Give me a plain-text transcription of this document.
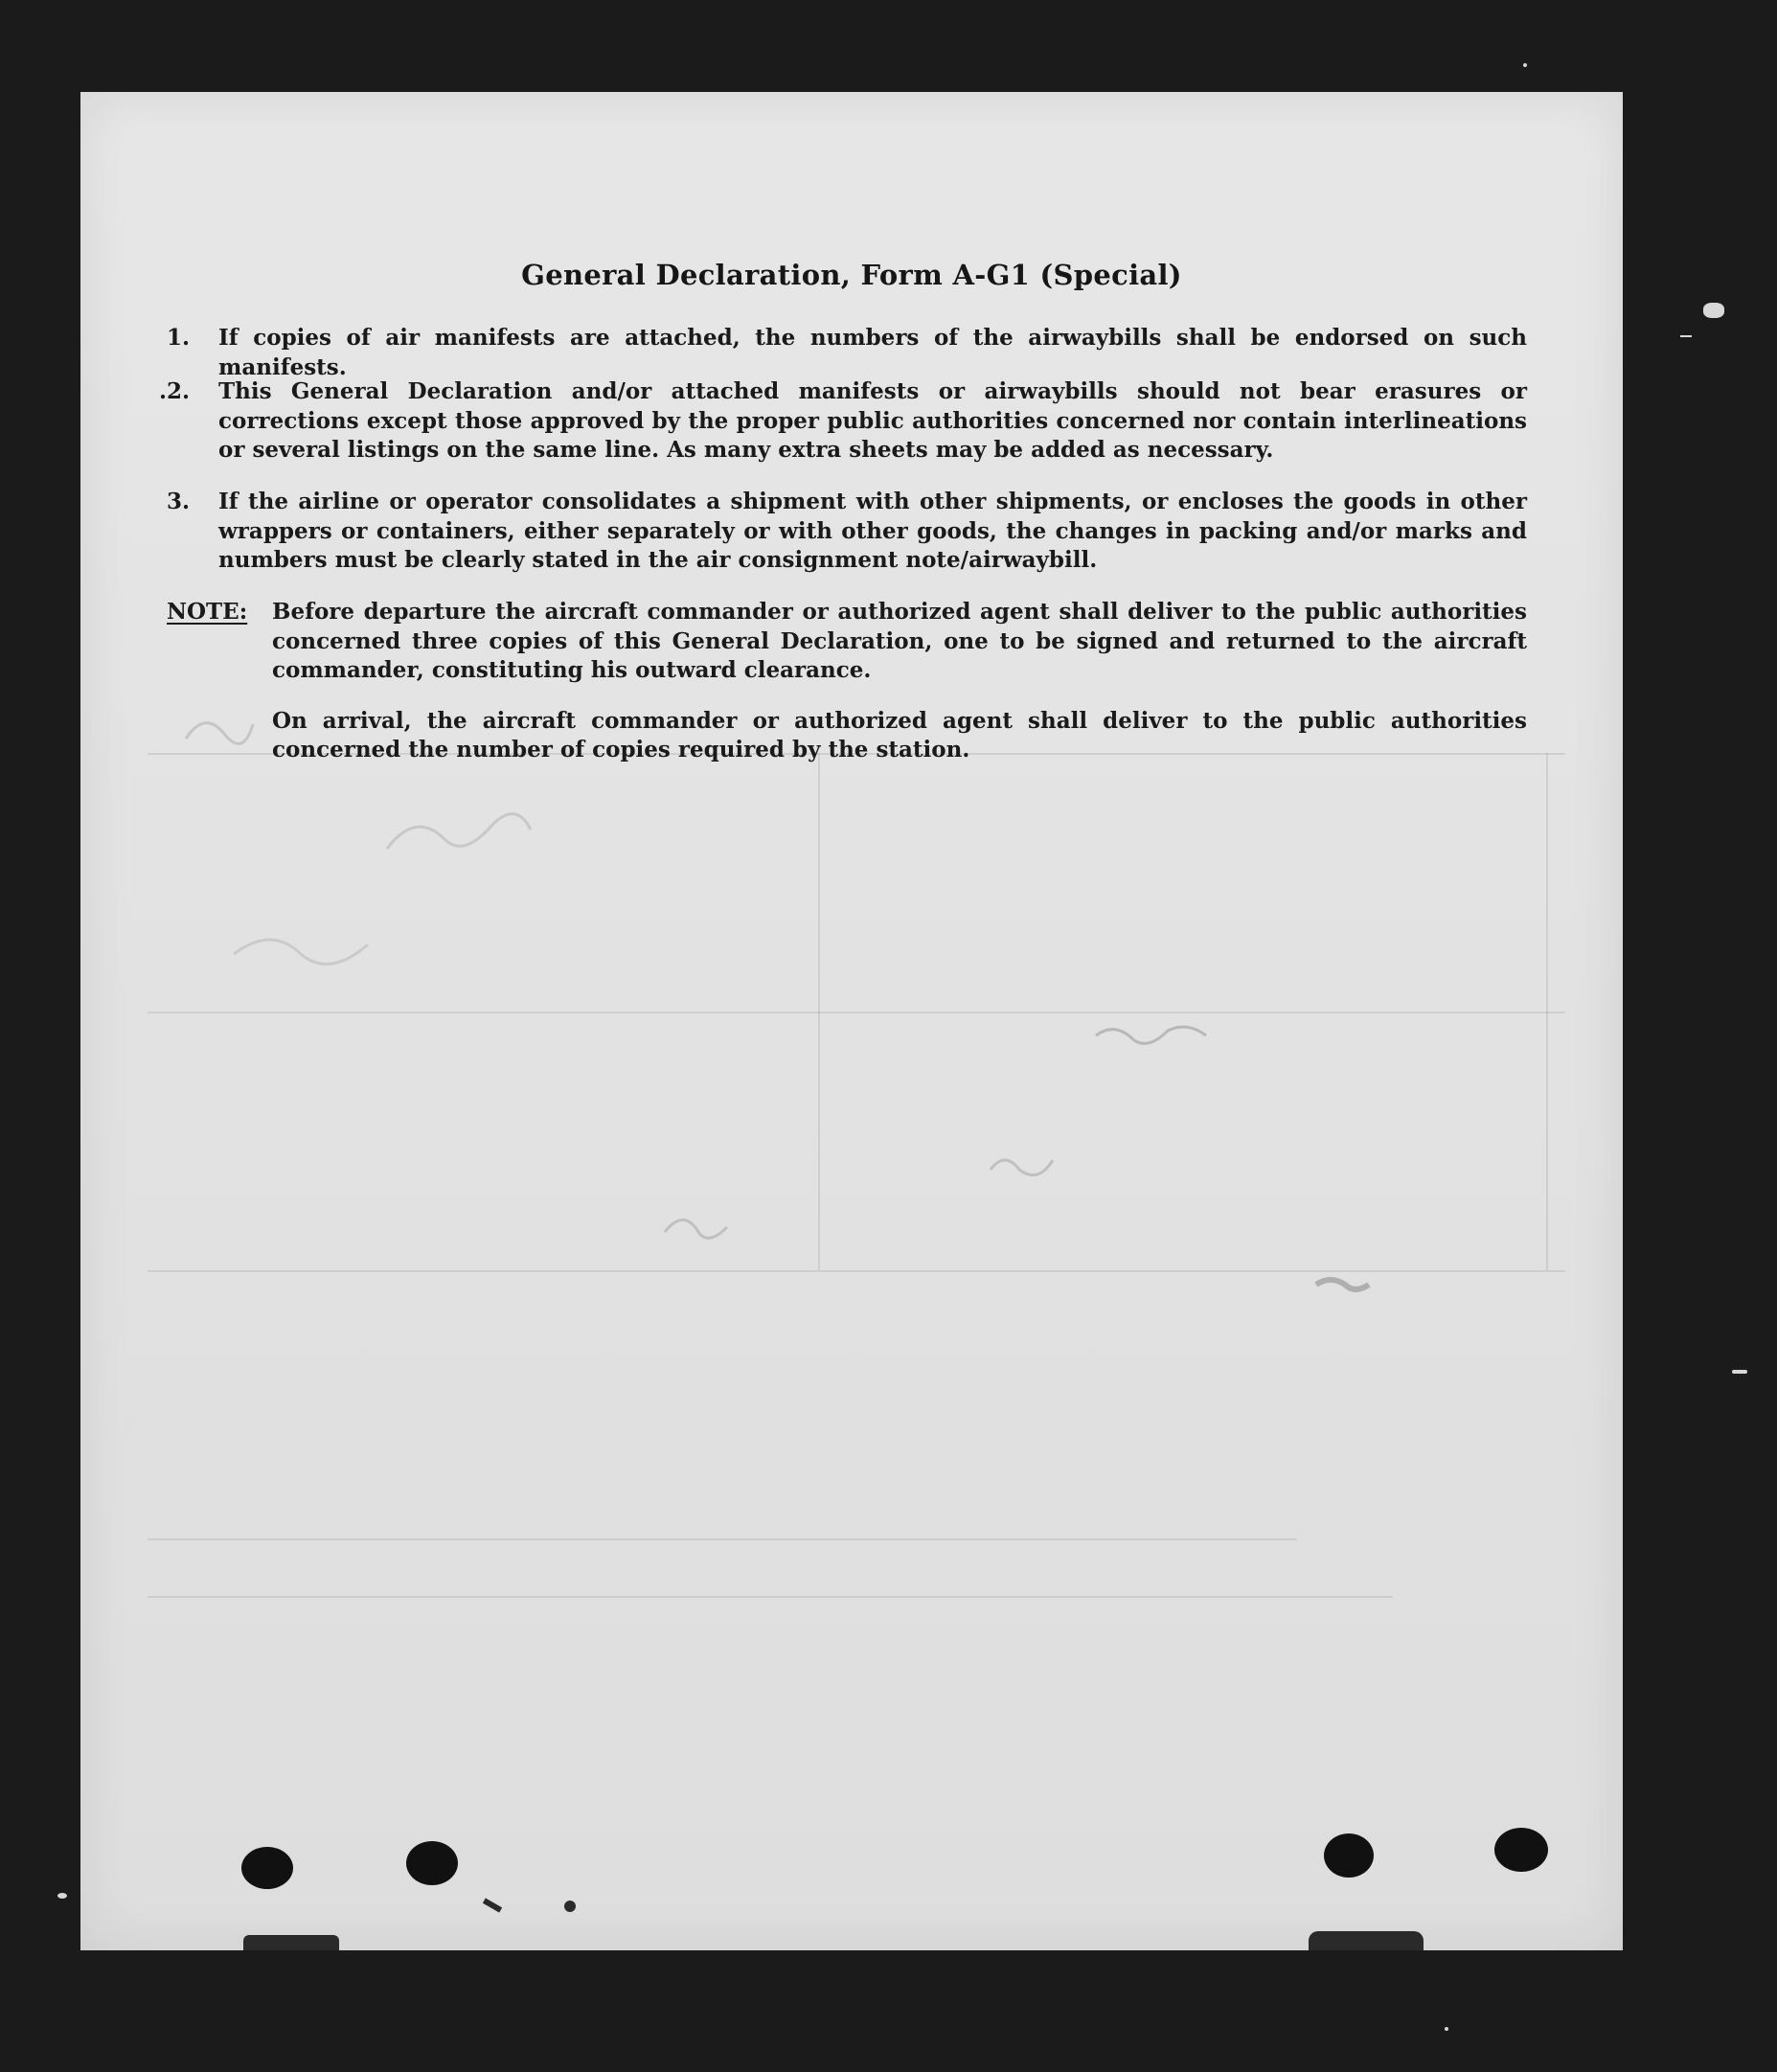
General Declaration, Form A-G1 (Special)
1. If copies of air manifests are attached, the numbers of the airwaybills shall be endorsed on such manifests.
.2. This General Declaration and/or attached manifests or airwaybills should not bear erasures or corrections except those approved by the proper public authorities concerned nor contain interlineations or several listings on the same line. As many extra sheets may be added as necessary.
3. If the airline or operator consolidates a shipment with other shipments, or encloses the goods in other wrappers or containers, either separately or with other goods, the changes in packing and/or marks and numbers must be clearly stated in the air consignment note/airwaybill.
NOTE: Before departure the aircraft commander or authorized agent shall deliver to the public authorities concerned three copies of this General Declaration, one to be signed and returned to the aircraft commander, constituting his outward clearance.
On arrival, the aircraft commander or authorized agent shall deliver to the public authorities concerned the number of copies required by the station.
